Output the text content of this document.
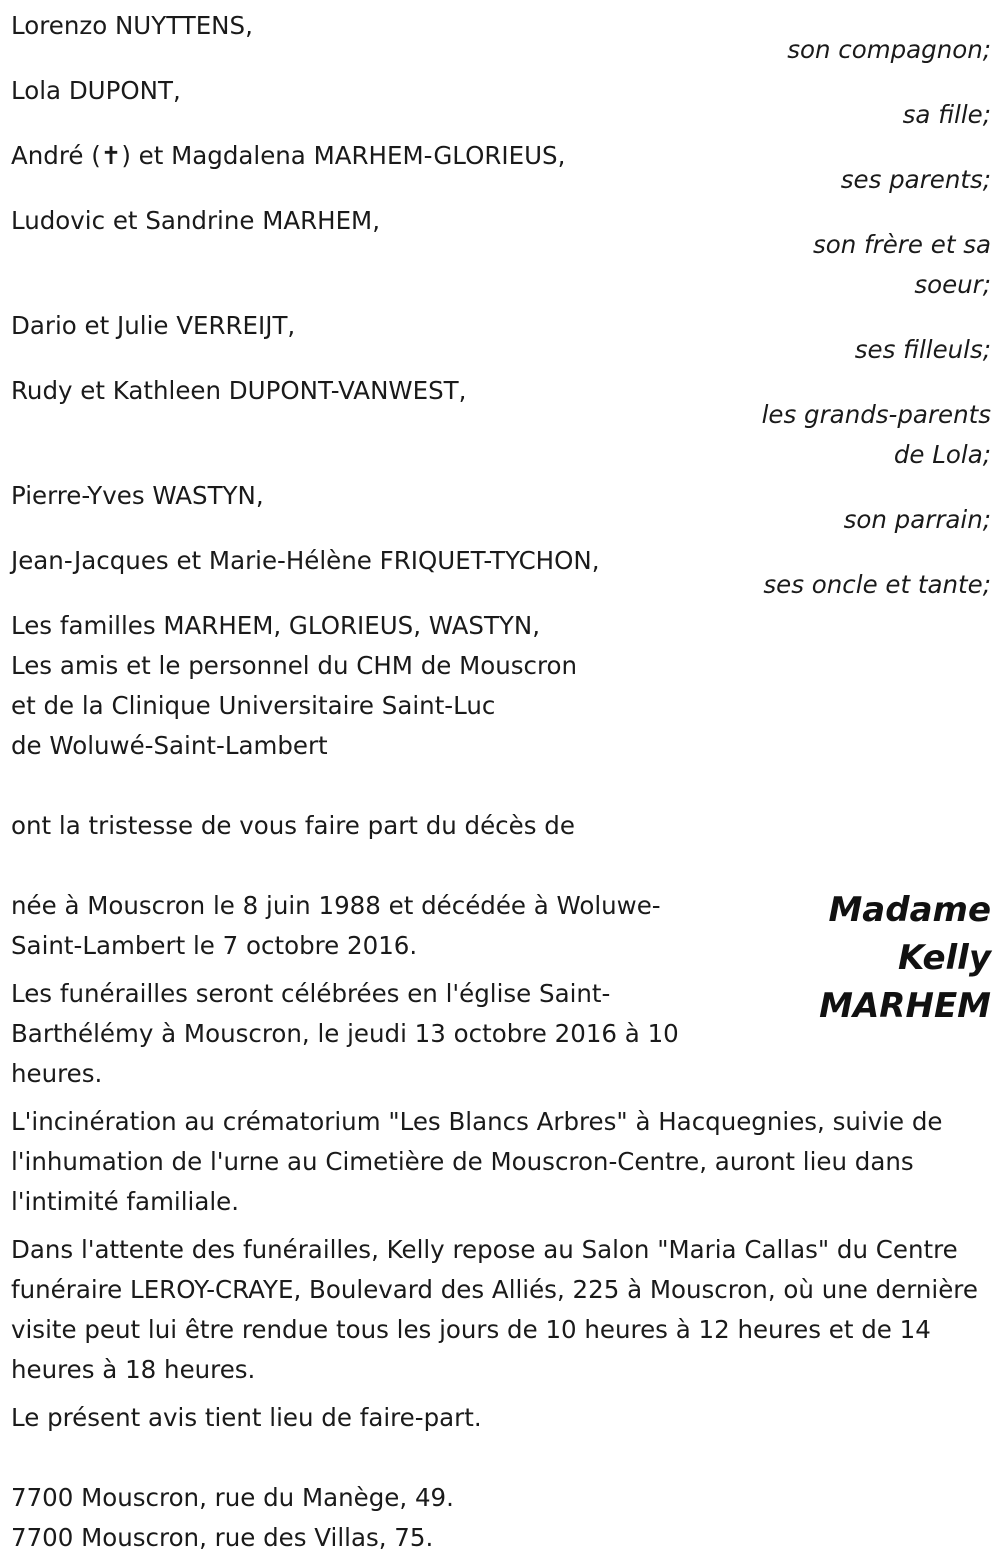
Lorenzo NUYTTENS,
son compagnon;
Lola DUPONT,
sa fille;
André (✝) et Magdalena MARHEM-GLORIEUS,
ses parents;
Ludovic et Sandrine MARHEM,
son frère et sa soeur;
Dario et Julie VERREIJT,
ses filleuls;
Rudy et Kathleen DUPONT-VANWEST,
les grands-parents de Lola;
Pierre-Yves WASTYN,
son parrain;
Jean-Jacques et Marie-Hélène FRIQUET-TYCHON,
ses oncle et tante;
Les familles MARHEM, GLORIEUS, WASTYN,
Les amis et le personnel du CHM de Mouscron
et de la Clinique Universitaire Saint-Luc
de Woluwé-Saint-Lambert
ont la tristesse de vous faire part du décès de
Madame
Kelly
MARHEM

née à Mouscron le 8 juin 1988 et décédée à Woluwe-Saint-Lambert le 7 octobre 2016.

Les funérailles seront célébrées en l'église Saint-Barthélémy à Mouscron, le jeudi 13 octobre 2016 à 10 heures.

L'incinération au crématorium "Les Blancs Arbres" à Hacquegnies, suivie de l'inhumation de l'urne au Cimetière de Mouscron-Centre, auront lieu dans l'intimité familiale.

Dans l'attente des funérailles, Kelly repose au Salon "Maria Callas" du Centre funéraire LEROY-CRAYE, Boulevard des Alliés, 225 à Mouscron, où une dernière visite peut lui être rendue tous les jours de 10 heures à 12 heures et de 14 heures à 18 heures.

Le présent avis tient lieu de faire-part.

7700 Mouscron, rue du Manège, 49.
7700 Mouscron, rue des Villas, 75.
